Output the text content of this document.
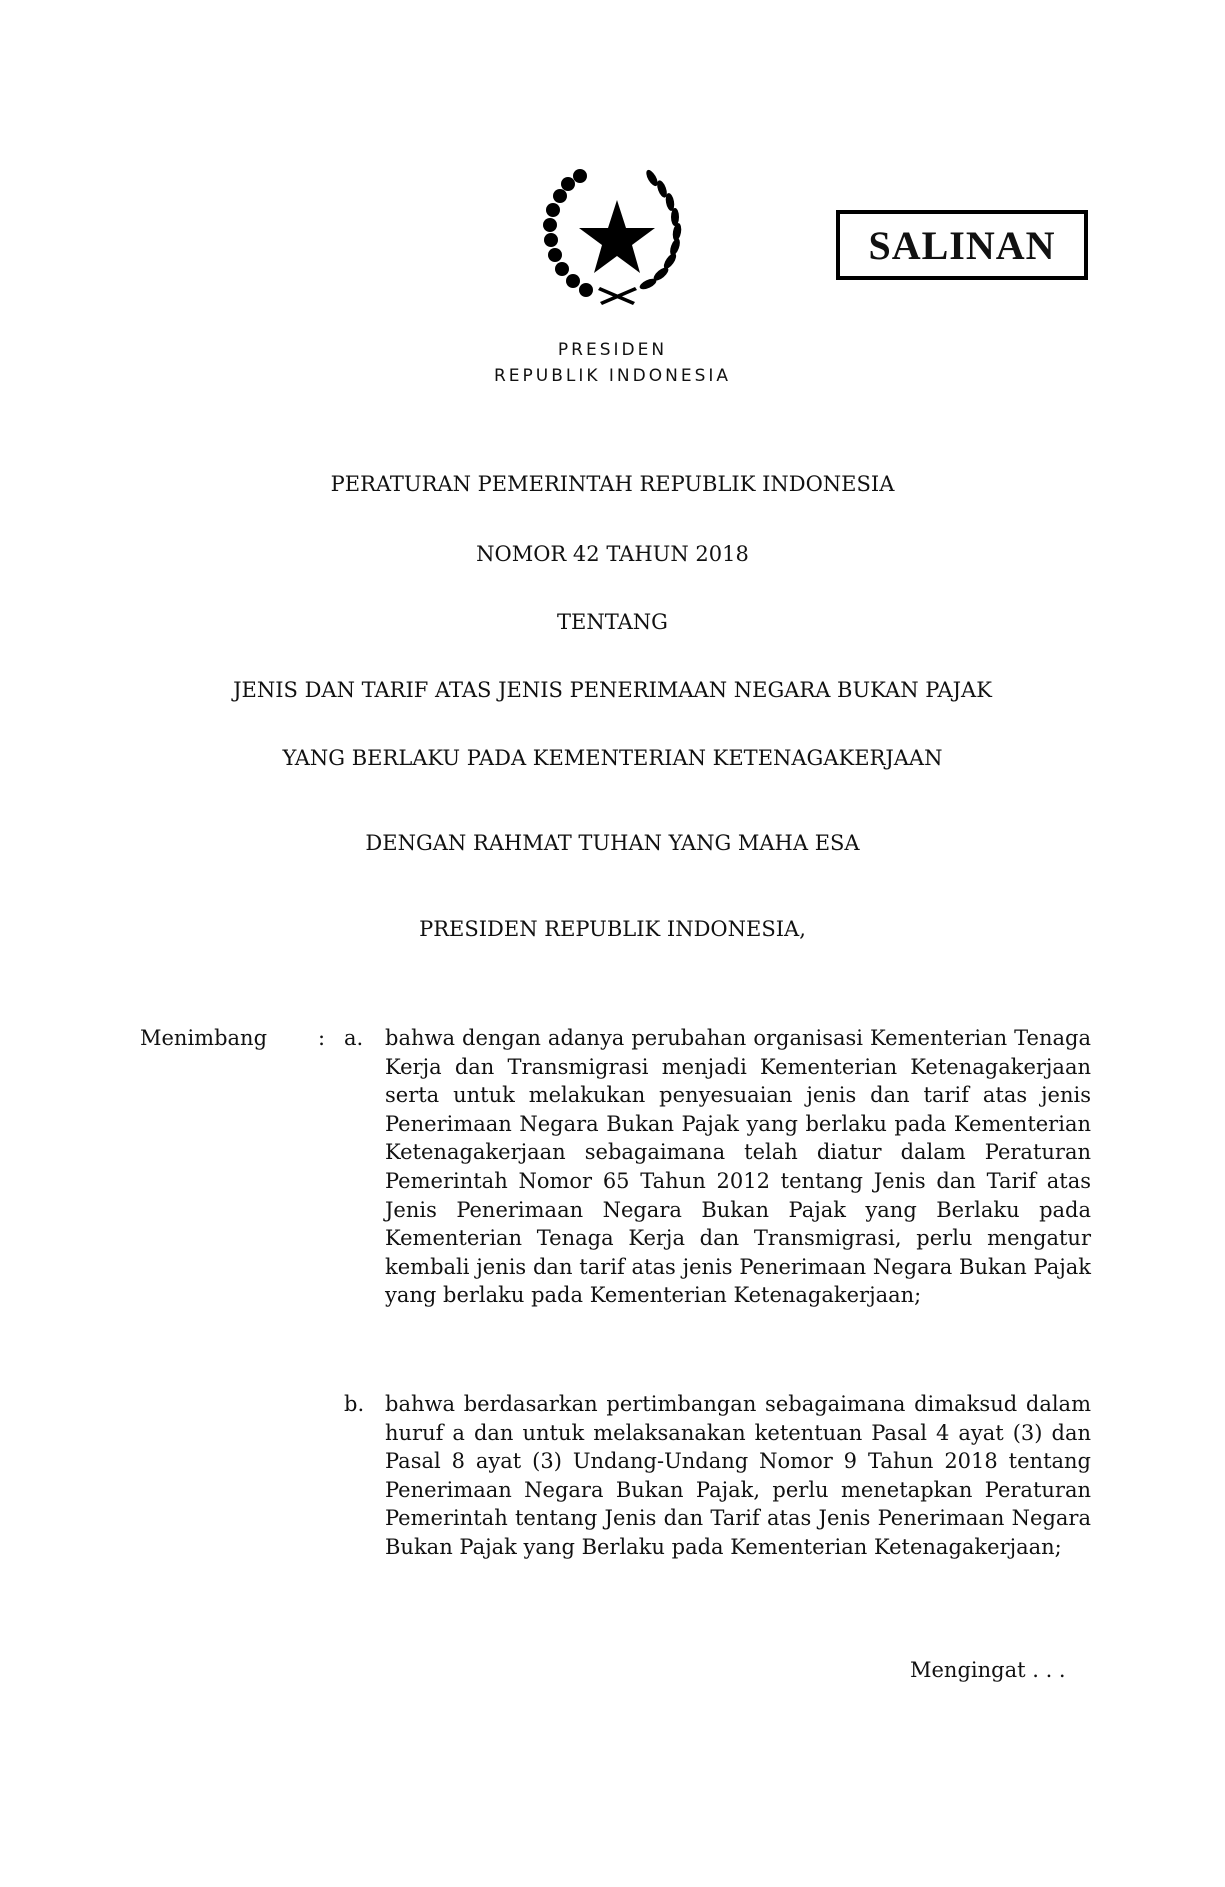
SALINAN
PRESIDEN
REPUBLIK INDONESIA
PERATURAN PEMERINTAH REPUBLIK INDONESIA
NOMOR 42 TAHUN 2018
TENTANG
JENIS DAN TARIF ATAS JENIS PENERIMAAN NEGARA BUKAN PAJAK
YANG BERLAKU PADA KEMENTERIAN KETENAGAKERJAAN
DENGAN RAHMAT TUHAN YANG MAHA ESA
PRESIDEN REPUBLIK INDONESIA,
Menimbang : a. bahwa dengan adanya perubahan organisasi Kementerian Tenaga Kerja dan Transmigrasi menjadi Kementerian Ketenagakerjaan serta untuk melakukan penyesuaian jenis dan tarif atas jenis Penerimaan Negara Bukan Pajak yang berlaku pada Kementerian Ketenagakerjaan sebagaimana telah diatur dalam Peraturan Pemerintah Nomor 65 Tahun 2012 tentang Jenis dan Tarif atas Jenis Penerimaan Negara Bukan Pajak yang Berlaku pada Kementerian Tenaga Kerja dan Transmigrasi, perlu mengatur kembali jenis dan tarif atas jenis Penerimaan Negara Bukan Pajak yang berlaku pada Kementerian Ketenagakerjaan;
b. bahwa berdasarkan pertimbangan sebagaimana dimaksud dalam huruf a dan untuk melaksanakan ketentuan Pasal 4 ayat (3) dan Pasal 8 ayat (3) Undang-Undang Nomor 9 Tahun 2018 tentang Penerimaan Negara Bukan Pajak, perlu menetapkan Peraturan Pemerintah tentang Jenis dan Tarif atas Jenis Penerimaan Negara Bukan Pajak yang Berlaku pada Kementerian Ketenagakerjaan;
Mengingat . . .
